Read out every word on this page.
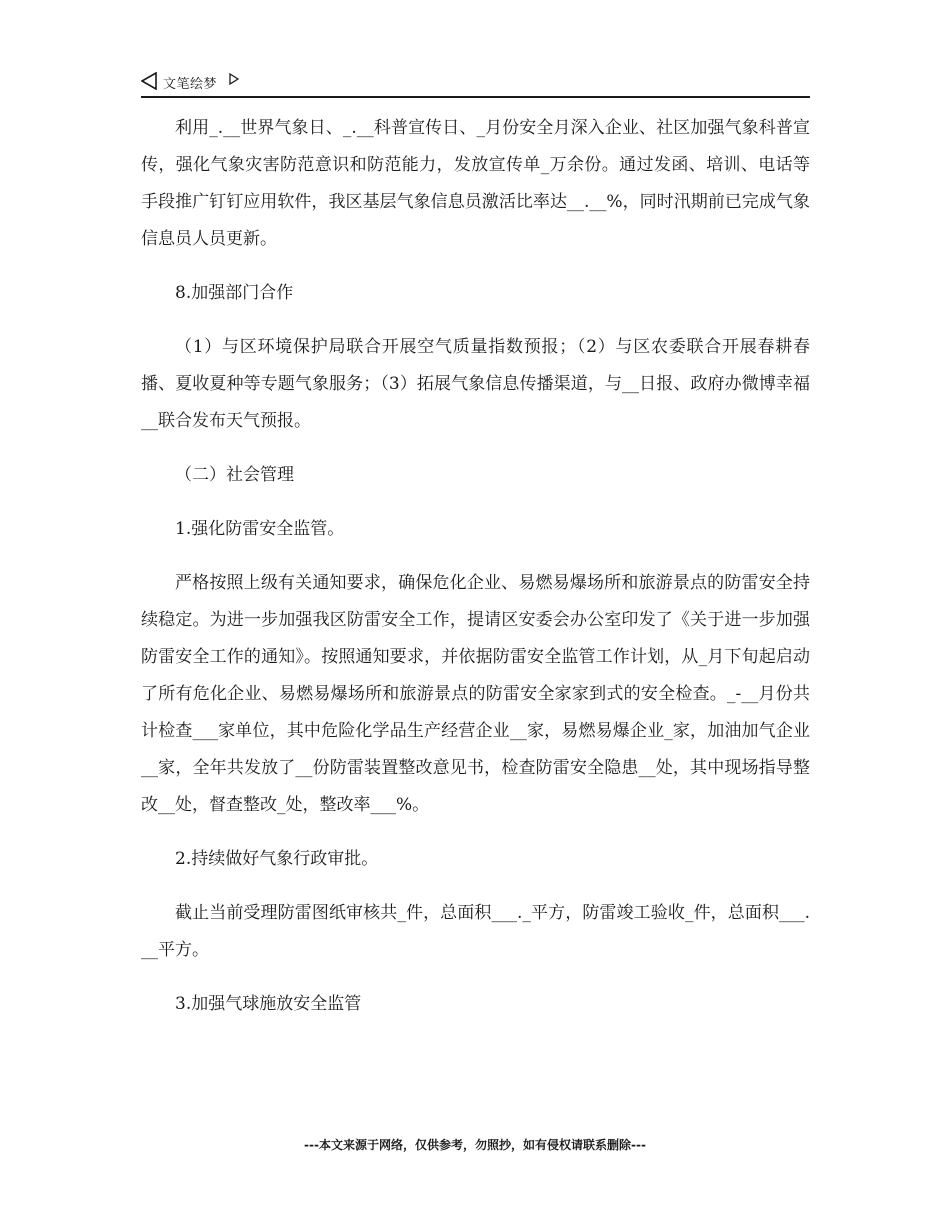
文笔绘梦

利用_.__世界气象日、_.__科普宣传日、_月份安全月深入企业、社区加强气象科普宣传，强化气象灾害防范意识和防范能力，发放宣传单_万余份。通过发函、培训、电话等手段推广钉钉应用软件，我区基层气象信息员激活比率达__.__%，同时汛期前已完成气象信息员人员更新。

8.加强部门合作

（1）与区环境保护局联合开展空气质量指数预报；（2）与区农委联合开展春耕春播、夏收夏种等专题气象服务；（3）拓展气象信息传播渠道，与__日报、政府办微博幸福__联合发布天气预报。

（二）社会管理

1.强化防雷安全监管。

严格按照上级有关通知要求，确保危化企业、易燃易爆场所和旅游景点的防雷安全持续稳定。为进一步加强我区防雷安全工作，提请区安委会办公室印发了《关于进一步加强防雷安全工作的通知》。按照通知要求，并依据防雷安全监管工作计划，从_月下旬起启动了所有危化企业、易燃易爆场所和旅游景点的防雷安全家家到式的安全检查。_-__月份共计检查___家单位，其中危险化学品生产经营企业__家，易燃易爆企业_家，加油加气企业__家，全年共发放了__份防雷装置整改意见书，检查防雷安全隐患__处，其中现场指导整改__处，督查整改_处，整改率___%。

2.持续做好气象行政审批。

截止当前受理防雷图纸审核共_件，总面积___._平方，防雷竣工验收_件，总面积___.__平方。

3.加强气球施放安全监管

---本文来源于网络，仅供参考，勿照抄，如有侵权请联系删除---
